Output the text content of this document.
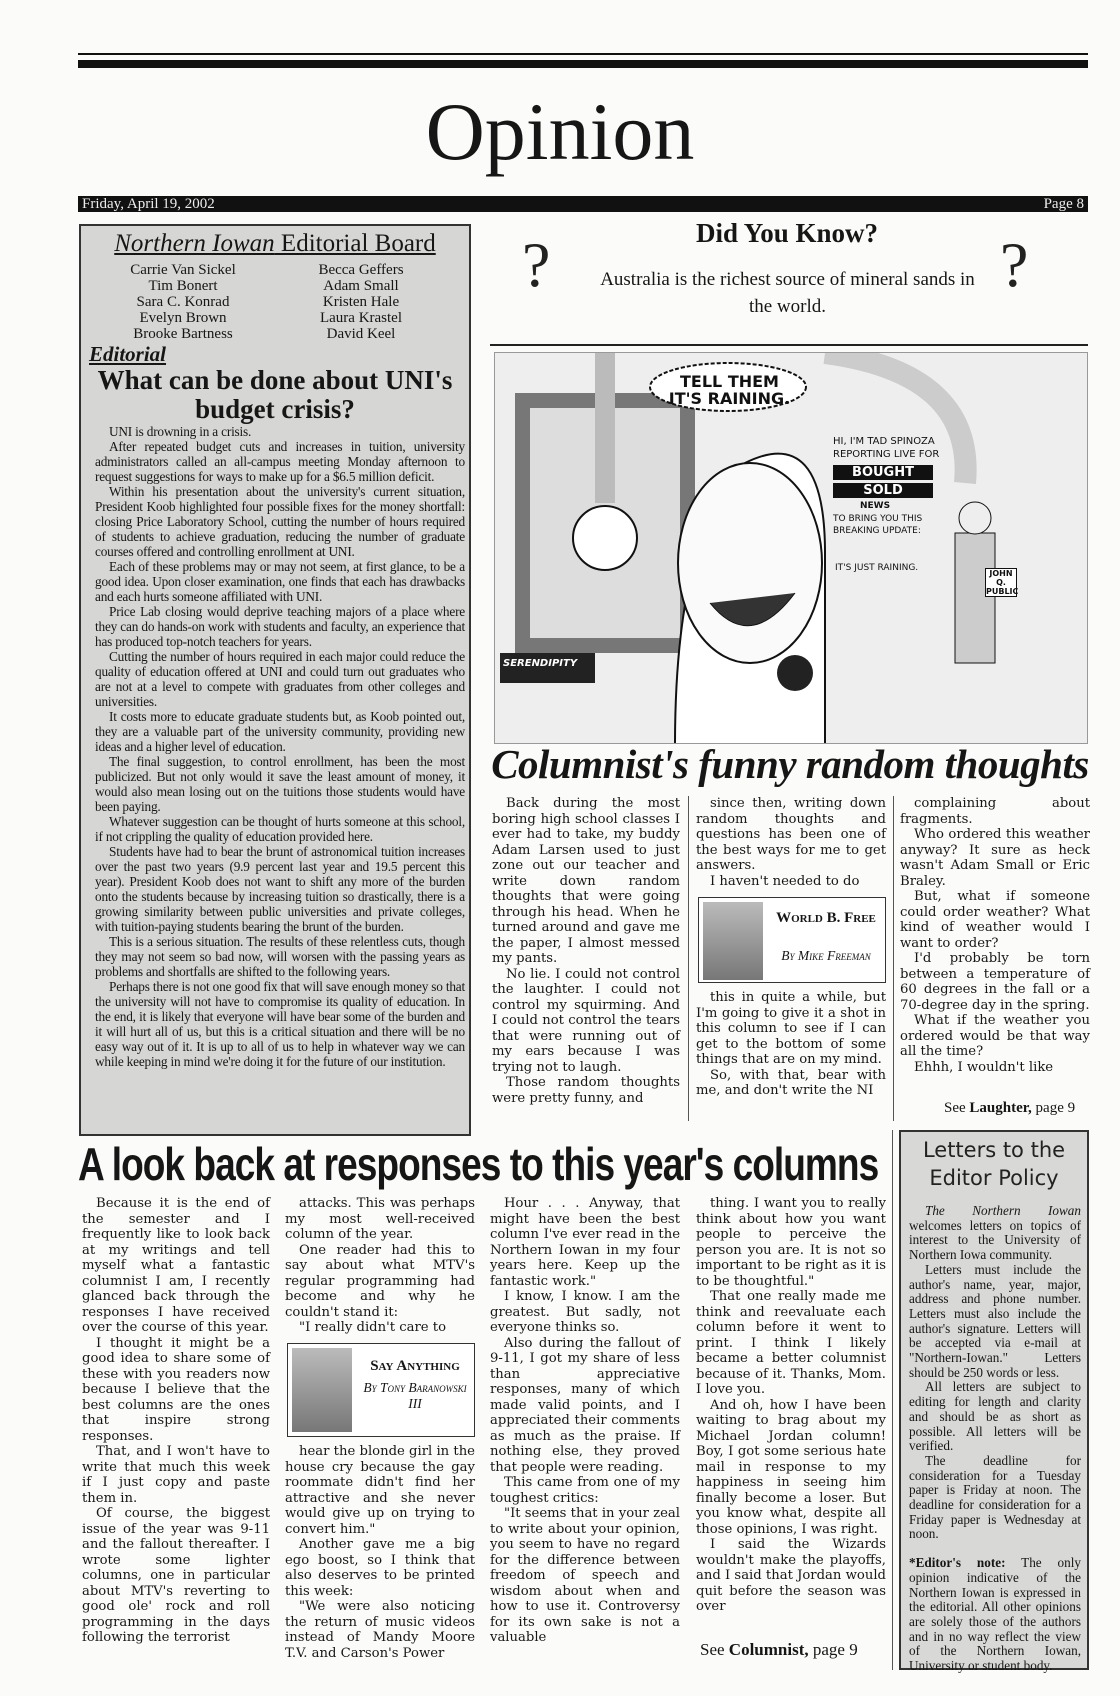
Opinion
Friday, April 19, 2002	Page 8
Northern Iowan Editorial Board
Carrie Van Sickel
Tim Bonert
Sara C. Konrad
Evelyn Brown
Brooke Bartness
Becca Geffers
Adam Small
Kristen Hale
Laura Krastel
David Keel
Editorial
What can be done about UNI's budget crisis?

UNI is drowning in a crisis.

After repeated budget cuts and increases in tuition, university administrators called an all-campus meeting Monday afternoon to request suggestions for ways to make up for a $6.5 million deficit.

Within his presentation about the university's current situation, President Koob highlighted four possible fixes for the money shortfall: closing Price Laboratory School, cutting the number of hours required of students to achieve graduation, reducing the number of graduate courses offered and controlling enrollment at UNI.

Each of these problems may or may not seem, at first glance, to be a good idea. Upon closer examination, one finds that each has drawbacks and each hurts someone affiliated with UNI.

Price Lab closing would deprive teaching majors of a place where they can do hands-on work with students and faculty, an experience that has produced top-notch teachers for years.

Cutting the number of hours required in each major could reduce the quality of education offered at UNI and could turn out graduates who are not at a level to compete with graduates from other colleges and universities.

It costs more to educate graduate students but, as Koob pointed out, they are a valuable part of the university community, providing new ideas and a higher level of education.

The final suggestion, to control enrollment, has been the most publicized. But not only would it save the least amount of money, it would also mean losing out on the tuitions those students would have been paying.

Whatever suggestion can be thought of hurts someone at this school, if not crippling the quality of education provided here.

Students have had to bear the brunt of astronomical tuition increases over the past two years (9.9 percent last year and 19.5 percent this year). President Koob does not want to shift any more of the burden onto the students because by increasing tuition so drastically, there is a growing similarity between public universities and private colleges, with tuition-paying students bearing the brunt of the burden.

This is a serious situation. The results of these relentless cuts, though they may not seem so bad now, will worsen with the passing years as problems and shortfalls are shifted to the following years.

Perhaps there is not one good fix that will save enough money so that the university will not have to compromise its quality of education. In the end, it is likely that everyone will have bear some of the burden and it will hurt all of us, but this is a critical situation and there will be no easy way out of it. It is up to all of us to help in whatever way we can while keeping in mind we're doing it for the future of our institution.

?	?
Did You Know?
Australia is the richest source of mineral sands in the world.
TELL THEM IT'S RAINING.
HI, I'M TAD SPINOZA REPORTING LIVE FOR
BOUGHT
SOLD
NEWS
TO BRING YOU THIS BREAKING UPDATE:
IT'S JUST RAINING.
JOHN Q. PUBLIC
SERENDIPITY
Columnist's funny random thoughts

Back during the most boring high school classes I ever had to take, my buddy Adam Larsen used to just zone out our teacher and write down random thoughts that were going through his head. When he turned around and gave me the paper, I almost messed my pants.

No lie. I could not control the laughter. I could not control my squirming. And I could not control the tears that were running out of my ears because I was trying not to laugh.

Those random thoughts were pretty funny, and

since then, writing down random thoughts and questions has been one of the best ways for me to get answers.

I haven't needed to do

World B. Free
By Mike Freeman

this in quite a while, but I'm going to give it a shot in this column to see if I can get to the bottom of some things that are on my mind.

So, with that, bear with me, and don't write the NI

complaining about fragments.

Who ordered this weather anyway? It sure as heck wasn't Adam Small or Eric Braley.

But, what if someone could order weather? What kind of weather would I want to order?

I'd probably be torn between a temperature of 60 degrees in the fall or a 70-degree day in the spring.

What if the weather you ordered would be that way all the time?

Ehhh, I wouldn't like

See Laughter, page 9
A look back at responses to this year's columns

Because it is the end of the semester and I frequently like to look back at my writings and tell myself what a fantastic columnist I am, I recently glanced back through the responses I have received over the course of this year.

I thought it might be a good idea to share some of these with you readers now because I believe that the best columns are the ones that inspire strong responses.

That, and I won't have to write that much this week if I just copy and paste them in.

Of course, the biggest issue of the year was 9-11 and the fallout thereafter. I wrote some lighter columns, one in particular about MTV's reverting to good ole' rock and roll programming in the days following the terrorist

attacks. This was perhaps my most well-received column of the year.

One reader had this to say about what MTV's regular programming had become and why he couldn't stand it:

"I really didn't care to

Say Anything
By Tony Baranowski III

hear the blonde girl in the house cry because the gay roommate didn't find her attractive and she never would give up on trying to convert him."

Another gave me a big ego boost, so I think that also deserves to be printed this week:

"We were also noticing the return of music videos instead of Mandy Moore T.V. and Carson's Power

Hour . . . Anyway, that might have been the best column I've ever read in the Northern Iowan in my four years here. Keep up the fantastic work."

I know, I know. I am the greatest. But sadly, not everyone thinks so.

Also during the fallout of 9-11, I got my share of less than appreciative responses, many of which made valid points, and I appreciated their comments as much as the praise. If nothing else, they proved that people were reading.

This came from one of my toughest critics:

"It seems that in your zeal to write about your opinion, you seem to have no regard for the difference between freedom of speech and wisdom about when and how to use it. Controversy for its own sake is not a valuable

thing. I want you to really think about how you want people to perceive the person you are. It is not so important to be right as it is to be thoughtful."

That one really made me think and reevaluate each column before it went to print. I think I likely became a better columnist because of it. Thanks, Mom. I love you.

And oh, how I have been waiting to brag about my Michael Jordan column! Boy, I got some serious hate mail in response to my happiness in seeing him finally become a loser. But you know what, despite all those opinions, I was right.

I said the Wizards wouldn't make the playoffs, and I said that Jordan would quit before the season was over

See Columnist, page 9
Letters to the
Editor Policy

The Northern Iowan welcomes letters on topics of interest to the University of Northern Iowa community.

Letters must include the author's name, year, major, address and phone number. Letters must also include the author's signature. Letters will be accepted via e-mail at "Northern-Iowan." Letters should be 250 words or less.

All letters are subject to editing for length and clarity and should be as short as possible. All letters will be verified.

The deadline for consideration for a Tuesday paper is Friday at noon. The deadline for consideration for a Friday paper is Wednesday at noon.

*Editor's note: The only opinion indicative of the Northern Iowan is expressed in the editorial. All other opinions are solely those of the authors and in no way reflect the view of the Northern Iowan, University or student body.
